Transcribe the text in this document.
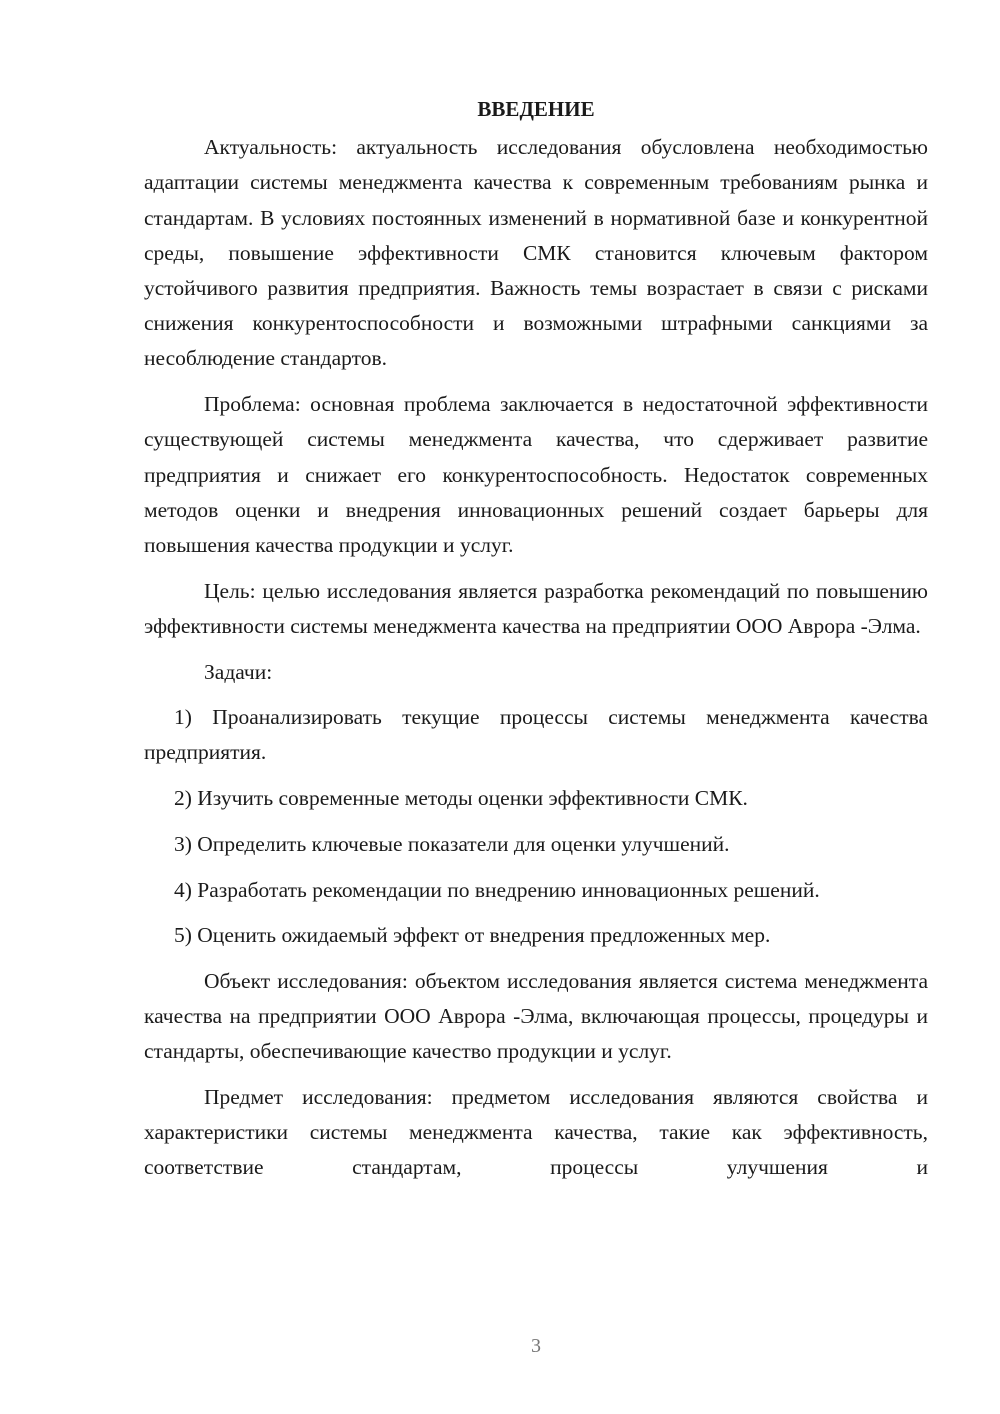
ВВЕДЕНИЕ

Актуальность: актуальность исследования обусловлена необходимостью адаптации системы менеджмента качества к современным требованиям рынка и стандартам. В условиях постоянных изменений в нормативной базе и конкурентной среды, повышение эффективности СМК становится ключевым фактором устойчивого развития предприятия. Важность темы возрастает в связи с рисками снижения конкурентоспособности и возможными штрафными санкциями за несоблюдение стандартов.

Проблема: основная проблема заключается в недостаточной эффективности существующей системы менеджмента качества, что сдерживает развитие предприятия и снижает его конкурентоспособность. Недостаток современных методов оценки и внедрения инновационных решений создает барьеры для повышения качества продукции и услуг.

Цель: целью исследования является разработка рекомендаций по повышению эффективности системы менеджмента качества на предприятии ООО Аврора -Элма.

Задачи:

1) Проанализировать текущие процессы системы менеджмента качества предприятия.

2) Изучить современные методы оценки эффективности СМК.

3) Определить ключевые показатели для оценки улучшений.

4) Разработать рекомендации по внедрению инновационных решений.

5) Оценить ожидаемый эффект от внедрения предложенных мер.

Объект исследования: объектом исследования является система менеджмента качества на предприятии ООО Аврора -Элма, включающая процессы, процедуры и стандарты, обеспечивающие качество продукции и услуг.

Предмет исследования: предметом исследования являются свойства и характеристики системы менеджмента качества, такие как эффективность, соответствие стандартам, процессы улучшения и

3
